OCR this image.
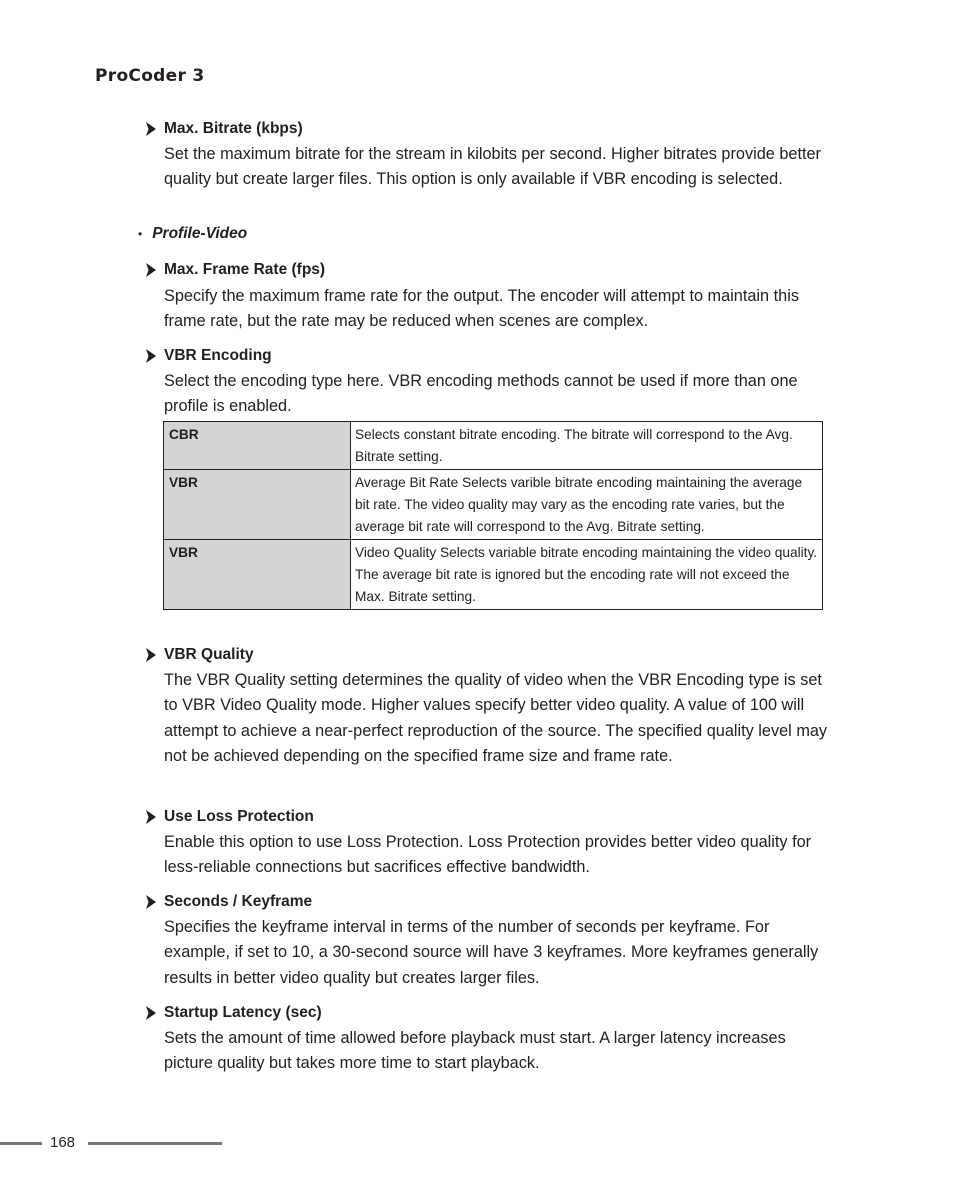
ProCoder 3
Max. Bitrate (kbps)
Set the maximum bitrate for the stream in kilobits per second. Higher bitrates provide better quality but create larger files. This option is only available if VBR encoding is selected.
• Profile-Video
Max. Frame Rate (fps)
Specify the maximum frame rate for the output. The encoder will attempt to maintain this frame rate, but the rate may be reduced when scenes are complex.
VBR Encoding
Select the encoding type here. VBR encoding methods cannot be used if more than one profile is enabled.
CBR	Selects constant bitrate encoding. The bitrate will correspond to the Avg. Bitrate setting.
VBR	Average Bit Rate Selects varible bitrate encoding maintaining the average bit rate. The video quality may vary as the encoding rate varies, but the average bit rate will correspond to the Avg. Bitrate setting.
VBR	Video Quality Selects variable bitrate encoding maintaining the video quality. The average bit rate is ignored but the encoding rate will not exceed the Max. Bitrate setting.
VBR Quality
The VBR Quality setting determines the quality of video when the VBR Encoding type is set to VBR Video Quality mode. Higher values specify better video quality. A value of 100 will attempt to achieve a near-perfect reproduction of the source. The specified quality level may not be achieved depending on the specified frame size and frame rate.
Use Loss Protection
Enable this option to use Loss Protection. Loss Protection provides better video quality for less-reliable connections but sacrifices effective bandwidth.
Seconds / Keyframe
Specifies the keyframe interval in terms of the number of seconds per keyframe. For example, if set to 10, a 30-second source will have 3 keyframes. More keyframes generally results in better video quality but creates larger files.
Startup Latency (sec)
Sets the amount of time allowed before playback must start. A larger latency increases picture quality but takes more time to start playback.
168
